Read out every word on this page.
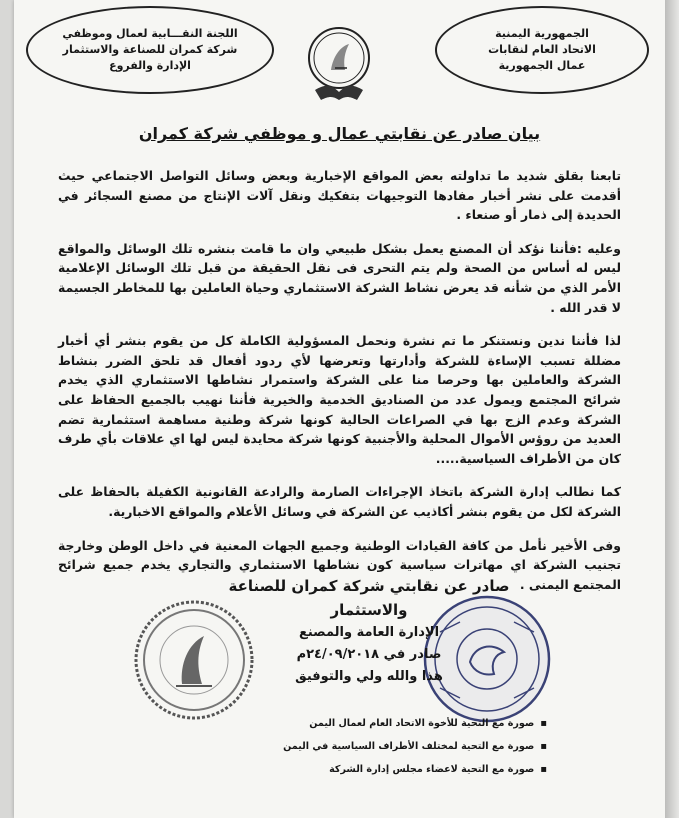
الجمهورية اليمنية
الاتحاد العام لنقابات
عمال الجمهورية
اللجنة النقـــابية لعمال وموظفي
شركة كمران للصناعة والاستثمار
الإدارة والفروع
بيان صادر عن نقابتي عمال و موظفي شركة كمران

تابعنا بقلق شديد ما تداولته بعض المواقع الإخبارية وبعض وسائل التواصل الاجتماعي حيث أقدمت على نشر أخبار مفادها التوجيهات بتفكيك ونقل آلات الإنتاج من مصنع السجائر في الحديدة إلى ذمار أو صنعاء .

وعليه :فأننا نؤكد أن المصنع يعمل بشكل طبيعي وان ما قامت بنشره تلك الوسائل والمواقع ليس له أساس من الصحة ولم يتم التحرى فى نقل الحقيقة من قبل تلك الوسائل الإعلامية الأمر الذي من شأنه قد يعرض نشاط الشركة الاستثماري وحياة العاملين بها للمخاطر الجسيمة لا قدر الله .

لذا فأننا ندين ونستنكر ما تم نشرة ونحمل المسؤولية الكاملة كل من يقوم بنشر أي أخبار مضللة تسبب الإساءة للشركة وأدارتها وتعرضها لأي ردود أفعال قد تلحق الضرر بنشاط الشركة والعاملين بها وحرصا منا على الشركة واستمرار نشاطها الاستثماري الذي يخدم شرائح المجتمع ويمول عدد من الصناديق الخدمية والخيرية فأننا نهيب بالجميع الحفاظ على الشركة وعدم الزج بها في الصراعات الحالية كونها شركة وطنية مساهمة استثمارية تضم العديد من روؤس الأموال المحلية والأجنبية كونها شركة محايدة ليس لها اي علاقات بأي طرف كان من الأطراف السياسية.....

كما نطالب إدارة الشركة باتخاذ الإجراءات الصارمة والرادعة القانونية الكفيلة بالحفاظ على الشركة لكل من يقوم بنشر أكاذيب عن الشركة في وسائل الأعلام والمواقع الاخبارية.

وفى الأخير نأمل من كافة القيادات الوطنية وجميع الجهات المعنية في داخل الوطن وخارجة تجنيب الشركة اي مهاترات سياسية كون نشاطها الاستثماري والتجاري يخدم جميع شرائح المجتمع اليمنى .

صادر عن نقابتي شركة كمران للصناعة والاستثمار
الإدارة العامة والمصنع
صادر في ٢٤/٠٩/٢٠١٨م
هذا والله ولي والتوفيق
▪ صورة مع التحية للأخوة الاتحاد العام لعمال اليمن
▪ صورة مع التحية لمختلف الأطراف السياسية في اليمن
▪ صورة مع التحية لاعضاء مجلس إدارة الشركة
